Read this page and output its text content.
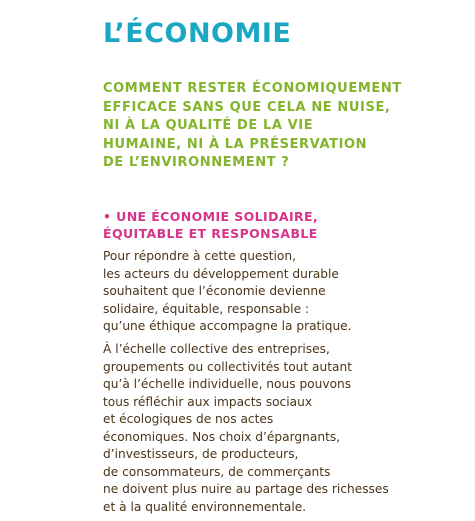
L’ÉCONOMIE

COMMENT RESTER ÉCONOMIQUEMENT
EFFICACE SANS QUE CELA NE NUISE,
NI À LA QUALITÉ DE LA VIE
HUMAINE, NI À LA PRÉSERVATION
DE L’ENVIRONNEMENT ?

• UNE ÉCONOMIE SOLIDAIRE,
ÉQUITABLE ET RESPONSABLE

Pour répondre à cette question,
les acteurs du développement durable
souhaitent que l’économie devienne
solidaire, équitable, responsable :
qu’une éthique accompagne la pratique.

À l’échelle collective des entreprises,
groupements ou collectivités tout autant
qu’à l’échelle individuelle, nous pouvons
tous réfléchir aux impacts sociaux
et écologiques de nos actes
économiques. Nos choix d’épargnants,
d’investisseurs, de producteurs,
de consommateurs, de commerçants
ne doivent plus nuire au partage des richesses
et à la qualité environnementale.
